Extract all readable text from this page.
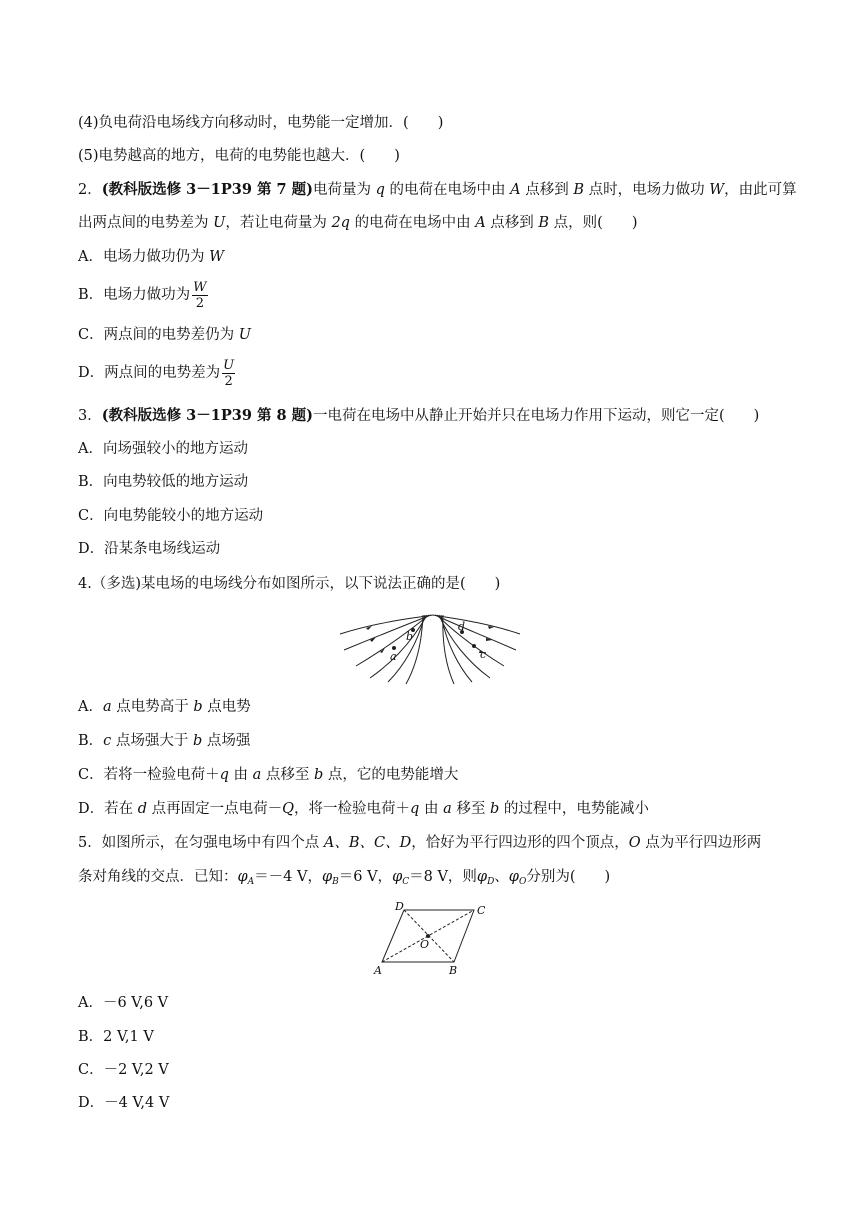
(4)负电荷沿电场线方向移动时，电势能一定增加．(　　)
(5)电势越高的地方，电荷的电势能也越大．(　　)
2．(教科版选修 3－1P39 第 7 题)电荷量为 q 的电荷在电场中由 A 点移到 B 点时，电场力做功 W，由此可算
出两点间的电势差为 U，若让电荷量为 2q 的电荷在电场中由 A 点移到 B 点，则(　　)
A．电场力做功仍为 W
B．电场力做功为 $\frac{W}{2}$
C．两点间的电势差仍为 U
D．两点间的电势差为 $\frac{U}{2}$
3．(教科版选修 3－1P39 第 8 题)一电荷在电场中从静止开始并只在电场力作用下运动，则它一定(　　)
A．向场强较小的地方运动
B．向电势较低的地方运动
C．向电势能较小的地方运动
D．沿某条电场线运动
4.（多选)某电场的电场线分布如图所示，以下说法正确的是(　　)
b
a
d
c
A．a 点电势高于 b 点电势
B．c 点场强大于 b 点场强
C．若将一检验电荷＋q 由 a 点移至 b 点，它的电势能增大
D．若在 d 点再固定一点电荷－Q，将一检验电荷＋q 由 a 移至 b 的过程中，电势能减小
5．如图所示，在匀强电场中有四个点 A、B、C、D，恰好为平行四边形的四个顶点，O 点为平行四边形两
条对角线的交点．已知：$\varphi_A=-4$ V，$\varphi_B=6$ V，$\varphi_C=8$ V，则$\varphi_D$、$\varphi_O$分别为(　　)
D	C
O
A	B
A．－6 V,6 V
B．2 V,1 V
C．－2 V,2 V
D．－4 V,4 V
